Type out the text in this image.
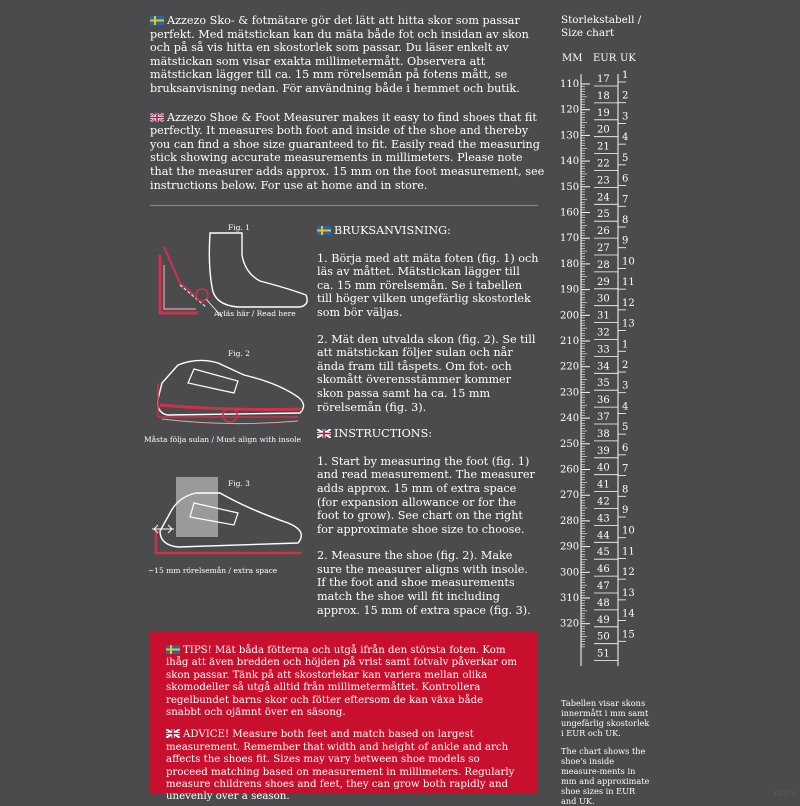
Azzezo Sko- & fotmätare gör det lätt att hitta skor som passar perfekt. Med mätstickan kan du mäta både fot och insidan av skon och på så vis hitta en skostorlek som passar. Du läser enkelt av mätstickan som visar exakta millimetermått. Observera att mätstickan lägger till ca. 15 mm rörelsemån på fotens mått, se bruksanvisning nedan. För användning både i hemmet och butik.

Azzezo Shoe & Foot Measurer makes it easy to find shoes that fit perfectly. It measures both foot and inside of the shoe and thereby you can find a shoe size guaranteed to fit. Easily read the measuring stick showing accurate measurements in millimeters. Please note that the measurer adds approx. 15 mm on the foot measurement, see instructions below. For use at home and in store.

Fig. 1
Avläs här / Read here
Fig. 2
Måsta följa sulan / Must align with insole
Fig. 3
~15 mm rörelsemån / extra space
BRUKSANVISNING:

1. Börja med att mäta foten (fig. 1) och läs av måttet. Mätstickan lägger till ca. 15 mm rörelsemån. Se i tabellen till höger vilken ungefärlig skostorlek som bör väljas.

2. Mät den utvalda skon (fig. 2). Se till att mätstickan följer sulan och når ända fram till tåspets. Om fot- och skomått överensstämmer kommer skon passa samt ha ca. 15 mm rörelsemån (fig. 3).

INSTRUCTIONS:

1. Start by measuring the foot (fig. 1) and read measurement. The measurer adds approx. 15 mm of extra space (for expansion allowance or for the foot to grow). See chart on the right for approximate shoe size to choose.

2. Measure the shoe (fig. 2). Make sure the measurer aligns with insole. If the foot and shoe measurements match the shoe will fit including approx. 15 mm of extra space (fig. 3).

TIPS! Mät båda fötterna och utgå ifrån den största foten. Kom ihåg att även bredden och höjden på vrist samt fotvalv påverkar om skon passar. Tänk på att skostorlekar kan variera mellan olika skomodeller så utgå alltid från millimetermåttet. Kontrollera regelbundet barns skor och fötter eftersom de kan växa både snabbt och ojämnt över en säsong.

ADVICE! Measure both feet and match based on largest measurement. Remember that width and height of ankle and arch affects the shoes fit. Sizes may vary between shoe models so proceed matching based on measurement in millimeters. Regularly measure childrens shoes and feet, they can grow both rapidly and unevenly over a season.

Storlekstabell /
Size chart
MM EUR UK
110
120
130
140
150
160
170
180
190
200
210
220
230
240
250
260
270
280
290
300
310
320
17
18
19
20
21
22
23
24
25
26
27
28
29
30
31
32
33
34
35
36
37
38
39
40
41
42
43
44
45
46
47
48
49
50
51
1
2
3
4
5
6
7
8
9
10
11
12
13
1
2
3
4
5
6
7
8
9
10
11
12
13
14
15
Tabellen visar skons innermått i mm samt ungefärlig skostorlek i EUR och UK.
The chart shows the shoe's inside measure-ments in mm and approximate shoe sizes in EUR and UK.
ID376
